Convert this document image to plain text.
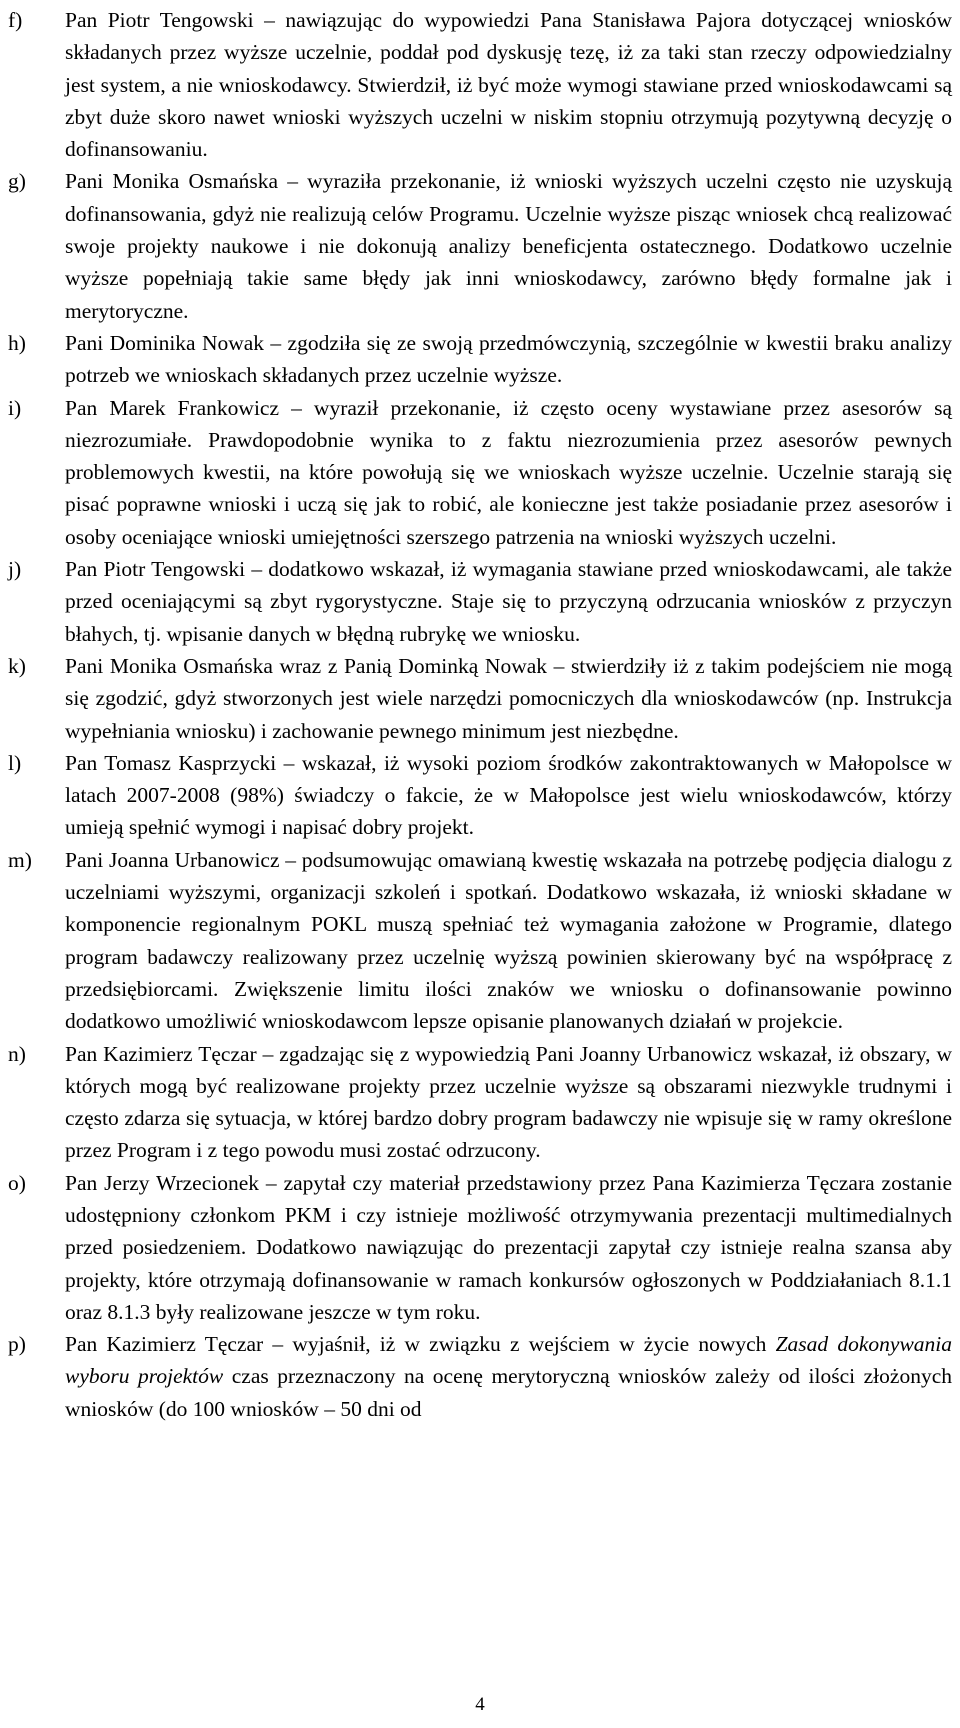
f) Pan Piotr Tengowski – nawiązując do wypowiedzi Pana Stanisława Pajora dotyczącej wniosków składanych przez wyższe uczelnie, poddał pod dyskusję tezę, iż za taki stan rzeczy odpowiedzialny jest system, a nie wnioskodawcy. Stwierdził, iż być może wymogi stawiane przed wnioskodawcami są zbyt duże skoro nawet wnioski wyższych uczelni w niskim stopniu otrzymują pozytywną decyzję o dofinansowaniu.
g) Pani Monika Osmańska – wyraziła przekonanie, iż wnioski wyższych uczelni często nie uzyskują dofinansowania, gdyż nie realizują celów Programu. Uczelnie wyższe pisząc wniosek chcą realizować swoje projekty naukowe i nie dokonują analizy beneficjenta ostatecznego. Dodatkowo uczelnie wyższe popełniają takie same błędy jak inni wnioskodawcy, zarówno błędy formalne jak i merytoryczne.
h) Pani Dominika Nowak – zgodziła się ze swoją przedmówczynią, szczególnie w kwestii braku analizy potrzeb we wnioskach składanych przez uczelnie wyższe.
i) Pan Marek Frankowicz – wyraził przekonanie, iż często oceny wystawiane przez asesorów są niezrozumiałe. Prawdopodobnie wynika to z faktu niezrozumienia przez asesorów pewnych problemowych kwestii, na które powołują się we wnioskach wyższe uczelnie. Uczelnie starają się pisać poprawne wnioski i uczą się jak to robić, ale konieczne jest także posiadanie przez asesorów i osoby oceniające wnioski umiejętności szerszego patrzenia na wnioski wyższych uczelni.
j) Pan Piotr Tengowski – dodatkowo wskazał, iż wymagania stawiane przed wnioskodawcami, ale także przed oceniającymi są zbyt rygorystyczne. Staje się to przyczyną odrzucania wniosków z przyczyn błahych, tj. wpisanie danych w błędną rubrykę we wniosku.
k) Pani Monika Osmańska wraz z Panią Dominką Nowak – stwierdziły iż z takim podejściem nie mogą się zgodzić, gdyż stworzonych jest wiele narzędzi pomocniczych dla wnioskodawców (np. Instrukcja wypełniania wniosku) i zachowanie pewnego minimum jest niezbędne.
l) Pan Tomasz Kasprzycki – wskazał, iż wysoki poziom środków zakontraktowanych w Małopolsce w latach 2007-2008 (98%) świadczy o fakcie, że w Małopolsce jest wielu wnioskodawców, którzy umieją spełnić wymogi i napisać dobry projekt.
m) Pani Joanna Urbanowicz – podsumowując omawianą kwestię wskazała na potrzebę podjęcia dialogu z uczelniami wyższymi, organizacji szkoleń i spotkań. Dodatkowo wskazała, iż wnioski składane w komponencie regionalnym POKL muszą spełniać też wymagania założone w Programie, dlatego program badawczy realizowany przez uczelnię wyższą powinien skierowany być na współpracę z przedsiębiorcami. Zwiększenie limitu ilości znaków we wniosku o dofinansowanie powinno dodatkowo umożliwić wnioskodawcom lepsze opisanie planowanych działań w projekcie.
n) Pan Kazimierz Tęczar – zgadzając się z wypowiedzią Pani Joanny Urbanowicz wskazał, iż obszary, w których mogą być realizowane projekty przez uczelnie wyższe są obszarami niezwykle trudnymi i często zdarza się sytuacja, w której bardzo dobry program badawczy nie wpisuje się w ramy określone przez Program i z tego powodu musi zostać odrzucony.
o) Pan Jerzy Wrzecionek – zapytał czy materiał przedstawiony przez Pana Kazimierza Tęczara zostanie udostępniony członkom PKM i czy istnieje możliwość otrzymywania prezentacji multimedialnych przed posiedzeniem. Dodatkowo nawiązując do prezentacji zapytał czy istnieje realna szansa aby projekty, które otrzymają dofinansowanie w ramach konkursów ogłoszonych w Poddziałaniach 8.1.1 oraz 8.1.3 były realizowane jeszcze w tym roku.
p) Pan Kazimierz Tęczar – wyjaśnił, iż w związku z wejściem w życie nowych Zasad dokonywania wyboru projektów czas przeznaczony na ocenę merytoryczną wniosków zależy od ilości złożonych wniosków (do 100 wniosków – 50 dni od
4
